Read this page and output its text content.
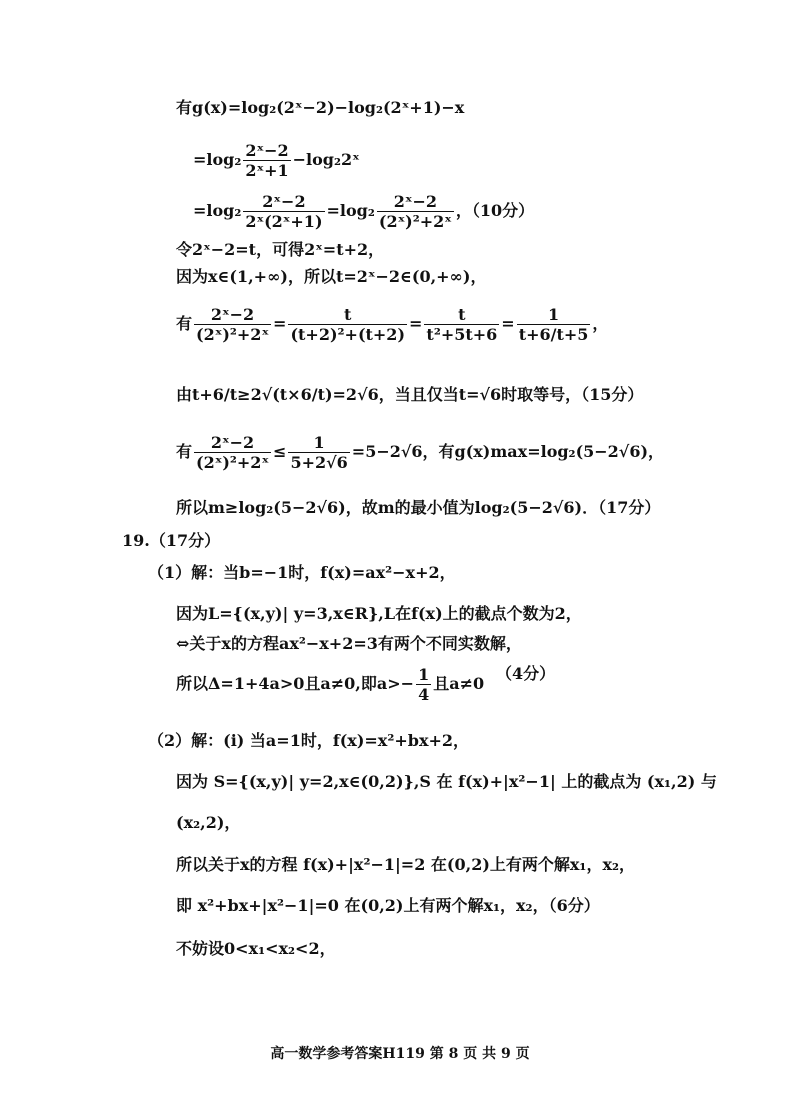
有g(x)=log₂(2ˣ−2)−log₂(2ˣ+1)−x
$=\log_2 \frac{\text{2ˣ−2}}{\text{2ˣ+1}}$ −log₂2ˣ
$=\log_2 \frac{\text{2ˣ−2}}{\text{2ˣ(2ˣ+1)}} =\log_2 \frac{\text{2ˣ−2}}{\text{(2ˣ)²+2ˣ}}$ ，（10分）
令2ˣ−2=t，可得2ˣ=t+2，
因为x∈(1,+∞)，所以t=2ˣ−2∈(0,+∞)，
有 $\frac{\text{2ˣ−2}}{\text{(2ˣ)²+2ˣ}} = \frac{t}{\text{(t+2)²+(t+2)}} = \frac{t}{\text{t²+5t+6}} = \frac{1}{t+6/t+5}$ ，
由t+6/t≥2√(t×6/t)=2√6，当且仅当t=√6时取等号，（15分）
有 $\frac{\text{2ˣ−2}}{\text{(2ˣ)²+2ˣ}} \le \frac{1}{5+2√6} =5-2√6$，有g(x)max=log₂(5−2√6)，
所以m≥log₂(5−2√6)，故m的最小值为log₂(5−2√6)．（17分）
19.（17分）
（1）解：当b=−1时，f(x)=ax²−x+2，
因为L={(x,y)| y=3,x∈R},L在f(x)上的截点个数为2，
⇔关于x的方程ax²−x+2=3有两个不同实数解，
所以Δ=1+4a>0且a≠0,即$a>- \frac{1}{4}$ 且a≠0
（4分）
（2）解：(i) 当a=1时，f(x)=x²+bx+2，
因为 S={(x,y)| y=2,x∈(0,2)},S 在 f(x)+|x²−1| 上的截点为 (x₁,2) 与
(x₂,2)，
所以关于x的方程 f(x)+|x²−1|=2 在(0,2)上有两个解x₁，x₂，
即 x²+bx+|x²−1|=0 在(0,2)上有两个解x₁，x₂，（6分）
不妨设0<x₁<x₂<2，
高一数学参考答案H119 第 8 页 共 9 页
